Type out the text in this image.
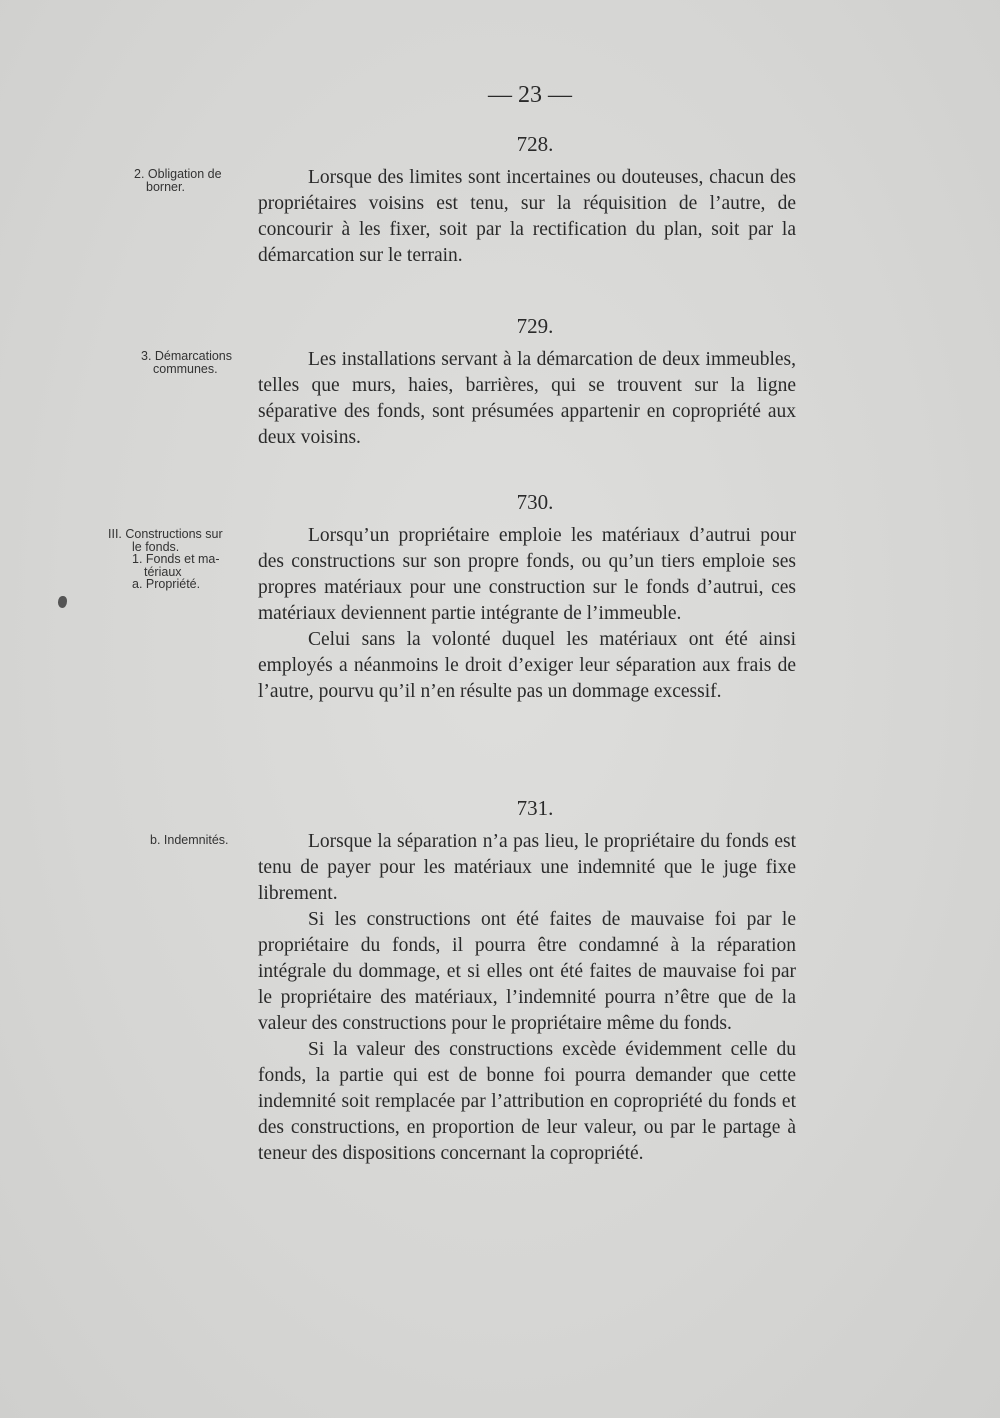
— 23 —
2. Obligation de
borner.
728.

Lorsque des limites sont incertaines ou douteuses, chacun des propriétaires voisins est tenu, sur la réquisition de l’autre, de concourir à les fixer, soit par la rectification du plan, soit par la démarcation sur le terrain.

3. Démarcations
communes.
729.

Les installations servant à la démarcation de deux immeubles, telles que murs, haies, barrières, qui se trouvent sur la ligne séparative des fonds, sont présumées appartenir en copropriété aux deux voisins.

III. Constructions sur
le fonds.
1. Fonds et ma-
tériaux
a. Propriété.
730.

Lorsqu’un propriétaire emploie les matériaux d’autrui pour des constructions sur son propre fonds, ou qu’un tiers emploie ses propres matériaux pour une construction sur le fonds d’autrui, ces matériaux deviennent partie intégrante de l’immeuble.

Celui sans la volonté duquel les matériaux ont été ainsi employés a néanmoins le droit d’exiger leur séparation aux frais de l’autre, pourvu qu’il n’en résulte pas un dommage excessif.

b. Indemnités.
731.

Lorsque la séparation n’a pas lieu, le propriétaire du fonds est tenu de payer pour les matériaux une indemnité que le juge fixe librement.

Si les constructions ont été faites de mauvaise foi par le propriétaire du fonds, il pourra être condamné à la réparation intégrale du dommage, et si elles ont été faites de mauvaise foi par le propriétaire des matériaux, l’indemnité pourra n’être que de la valeur des constructions pour le propriétaire même du fonds.

Si la valeur des constructions excède évidemment celle du fonds, la partie qui est de bonne foi pourra demander que cette indemnité soit remplacée par l’attribution en copropriété du fonds et des constructions, en proportion de leur valeur, ou par le partage à teneur des dispositions concernant la copropriété.
